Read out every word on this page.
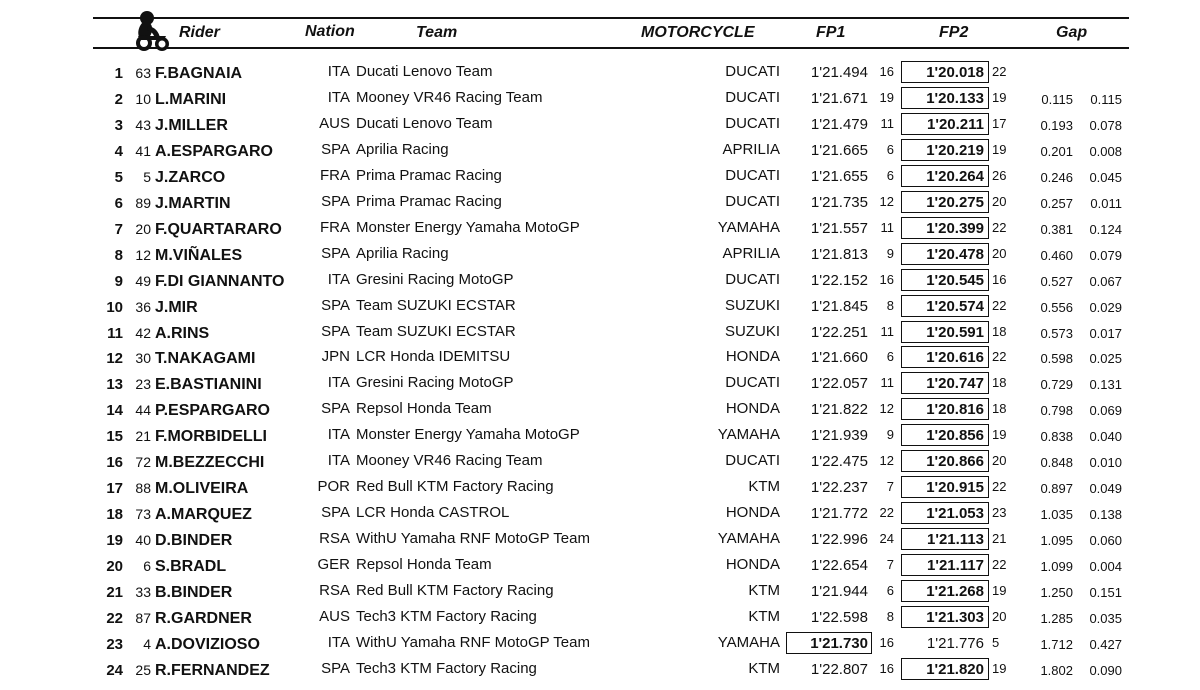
Rider	Nation	Team	MOTORCYCLE	FP1	FP2	Gap
1 63 F.BAGNAIA	ITA Ducati Lenovo Team	DUCATI	1'21.494 16	1'20.018 22
2 10 L.MARINI	ITA Mooney VR46 Racing Team	DUCATI	1'21.671 19	1'20.133 19	0.115	0.115
3 43 J.MILLER	AUS Ducati Lenovo Team	DUCATI	1'21.479 11	1'20.211 17	0.193	0.078
4 41 A.ESPARGARO	SPA Aprilia Racing	APRILIA	1'21.665	6	1'20.219 19	0.201	0.008
5	5 J.ZARCO	FRA Prima Pramac Racing	DUCATI	1'21.655	6	1'20.264 26	0.246	0.045
6 89 J.MARTIN	SPA Prima Pramac Racing	DUCATI	1'21.735 12	1'20.275 20	0.257	0.011
7 20 F.QUARTARARO	FRA Monster Energy Yamaha MotoGP	YAMAHA	1'21.557 11	1'20.399 22	0.381	0.124
8 12 M.VIÑALES	SPA Aprilia Racing	APRILIA	1'21.813	9	1'20.478 20	0.460	0.079
9 49 F.DI GIANNANTO	ITA Gresini Racing MotoGP	DUCATI	1'22.152 16	1'20.545 16	0.527	0.067
10 36 J.MIR	SPA Team SUZUKI ECSTAR	SUZUKI	1'21.845	8	1'20.574 22	0.556	0.029
11 42 A.RINS	SPA Team SUZUKI ECSTAR	SUZUKI	1'22.251 11	1'20.591 18	0.573	0.017
12 30 T.NAKAGAMI	JPN LCR Honda IDEMITSU	HONDA	1'21.660	6	1'20.616 22	0.598	0.025
13 23 E.BASTIANINI	ITA Gresini Racing MotoGP	DUCATI	1'22.057 11	1'20.747 18	0.729	0.131
14 44 P.ESPARGARO	SPA Repsol Honda Team	HONDA	1'21.822 12	1'20.816 18	0.798	0.069
15 21 F.MORBIDELLI	ITA Monster Energy Yamaha MotoGP	YAMAHA	1'21.939	9	1'20.856 19	0.838	0.040
16 72 M.BEZZECCHI	ITA Mooney VR46 Racing Team	DUCATI	1'22.475 12	1'20.866 20	0.848	0.010
17 88 M.OLIVEIRA	POR Red Bull KTM Factory Racing	KTM	1'22.237	7	1'20.915 22	0.897	0.049
18 73 A.MARQUEZ	SPA LCR Honda CASTROL	HONDA	1'21.772 22	1'21.053 23	1.035	0.138
19 40 D.BINDER	RSA WithU Yamaha RNF MotoGP Team	YAMAHA	1'22.996 24	1'21.113 21	1.095	0.060
20	6 S.BRADL	GER Repsol Honda Team	HONDA	1'22.654	7	1'21.117 22	1.099	0.004
21 33 B.BINDER	RSA Red Bull KTM Factory Racing	KTM	1'21.944	6	1'21.268 19	1.250	0.151
22 87 R.GARDNER	AUS Tech3 KTM Factory Racing	KTM	1'22.598	8	1'21.303 20	1.285	0.035
23	4 A.DOVIZIOSO	ITA WithU Yamaha RNF MotoGP Team	YAMAHA	1'21.730 16	1'21.776 5	1.712	0.427
24 25 R.FERNANDEZ	SPA Tech3 KTM Factory Racing	KTM	1'22.807 16	1'21.820 19	1.802	0.090
